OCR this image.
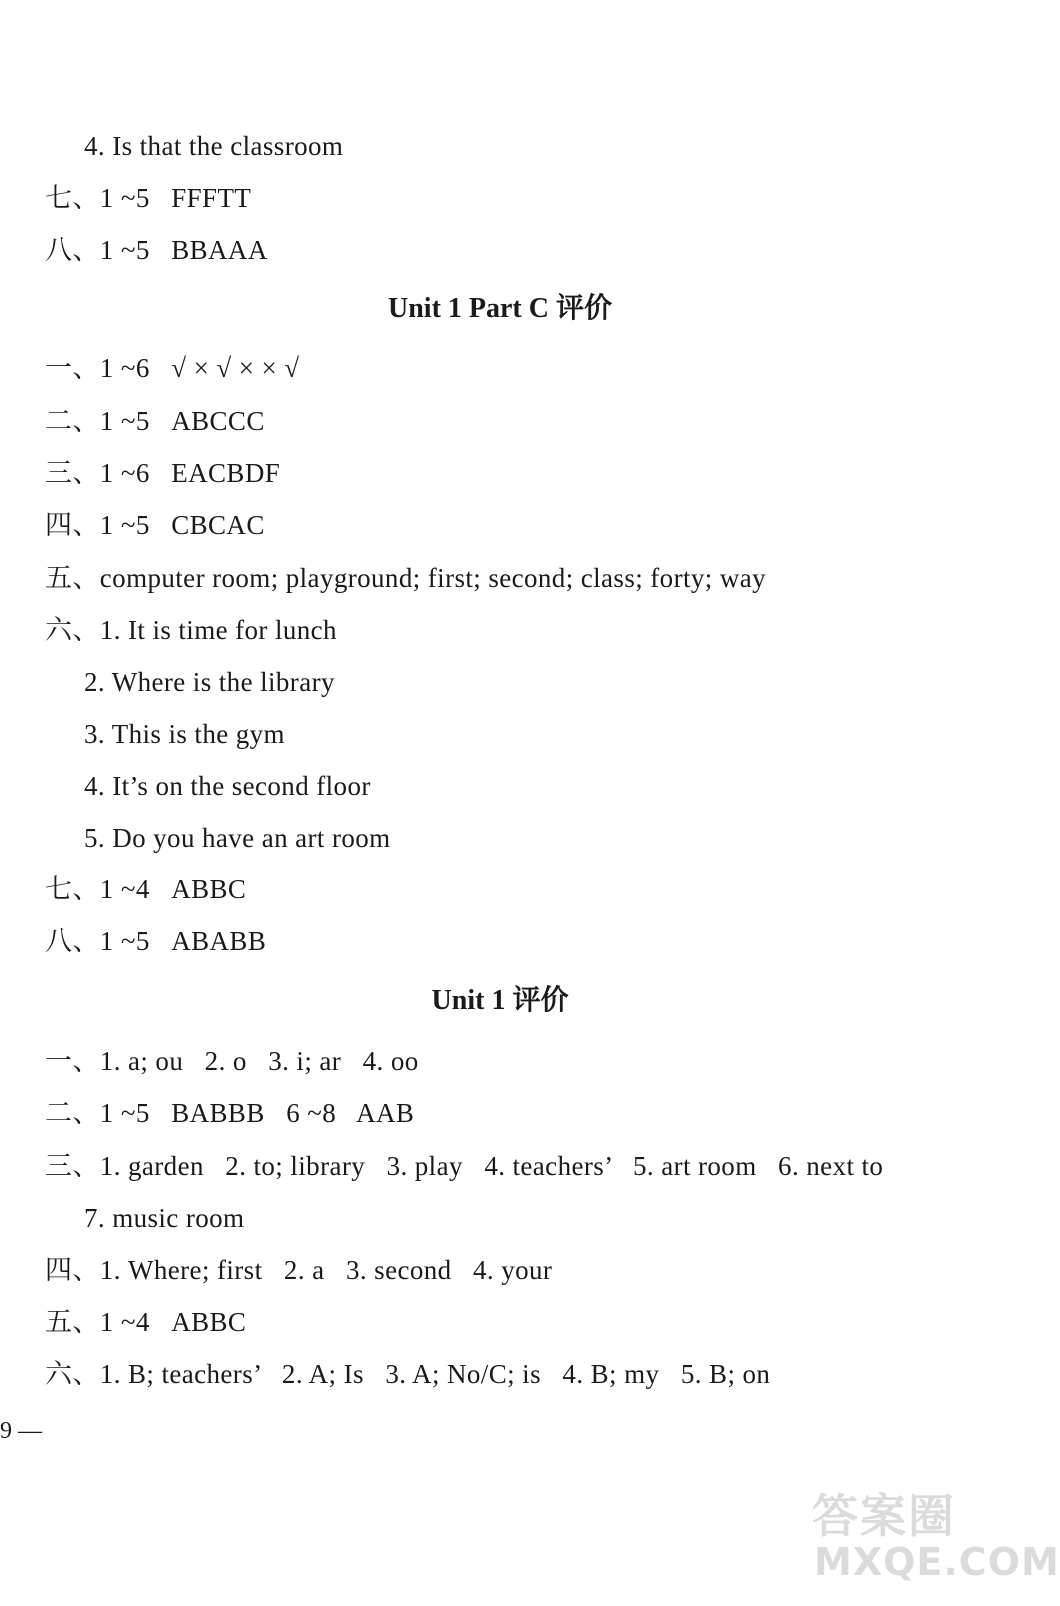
4. Is that the classroom
七、1 ~5   FFFTT
八、1 ~5   BBAAA
Unit 1 Part C 评价
一、1 ~6   √ × √ × × √
二、1 ~5   ABCCC
三、1 ~6   EACBDF
四、1 ~5   CBCAC
五、computer room; playground; first; second; class; forty; way
六、1. It is time for lunch
2. Where is the library
3. This is the gym
4. It’s on the second floor
5. Do you have an art room
七、1 ~4   ABBC
八、1 ~5   ABABB
Unit 1 评价
一、1. a; ou   2. o   3. i; ar   4. oo
二、1 ~5   BABBB   6 ~8   AAB
三、1. garden   2. to; library   3. play   4. teachers’   5. art room   6. next to
7. music room
四、1. Where; first   2. a   3. second   4. your
五、1 ~4   ABBC
六、1. B; teachers’   2. A; Is   3. A; No/C; is   4. B; my   5. B; on
9 —
答案圈
MXQE.COM
